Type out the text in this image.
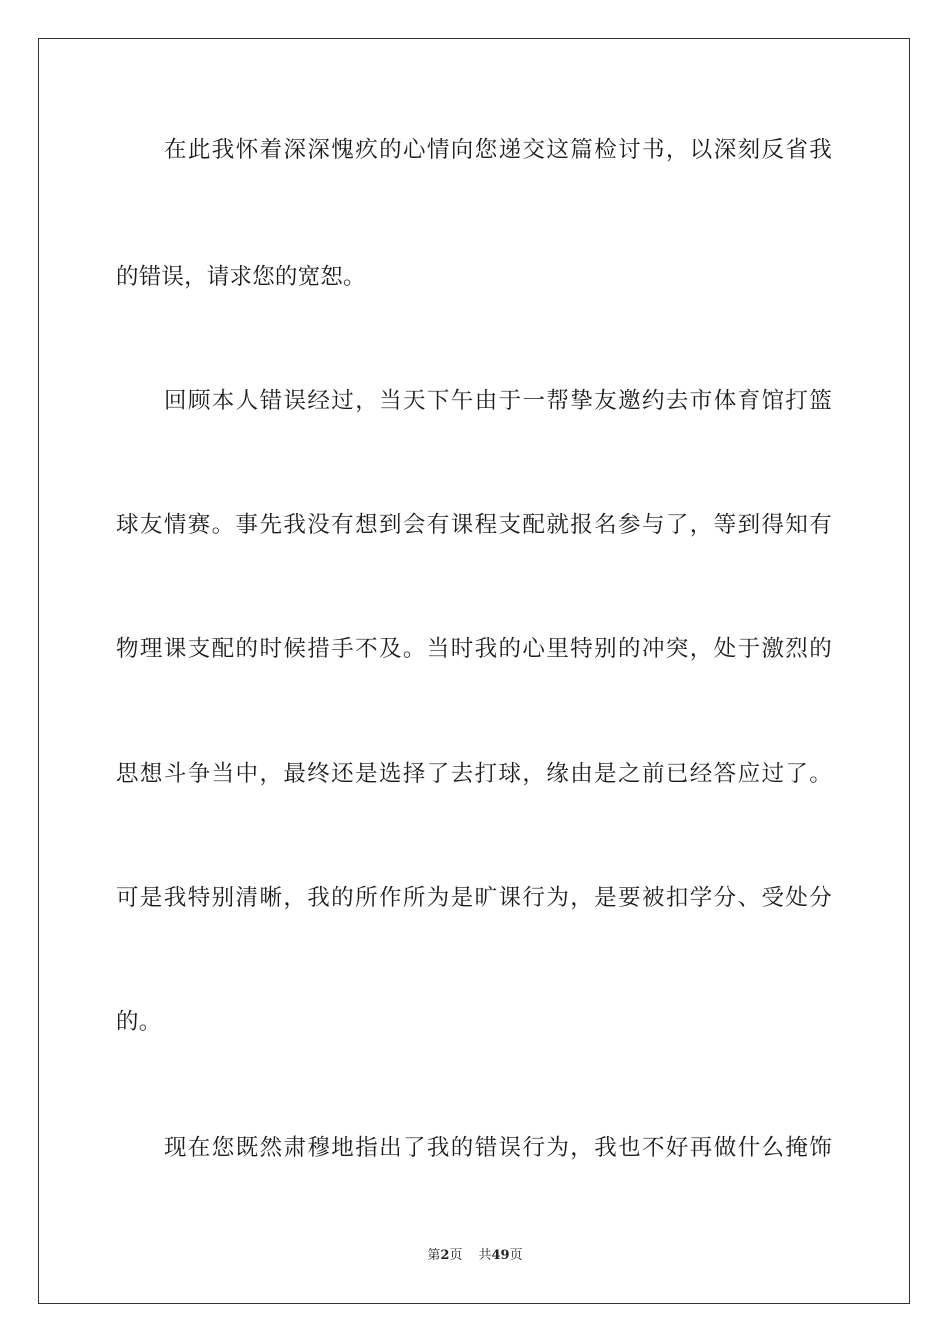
在此我怀着深深愧疚的心情向您递交这篇检讨书，以深刻反省我
的错误，请求您的宽恕。
回顾本人错误经过，当天下午由于一帮挚友邀约去市体育馆打篮
球友情赛。事先我没有想到会有课程支配就报名参与了，等到得知有
物理课支配的时候措手不及。当时我的心里特别的冲突，处于激烈的
思想斗争当中，最终还是选择了去打球，缘由是之前已经答应过了。
可是我特别清晰，我的所作所为是旷课行为，是要被扣学分、受处分
的。
现在您既然肃穆地指出了我的错误行为，我也不好再做什么掩饰
第2页 共49页
